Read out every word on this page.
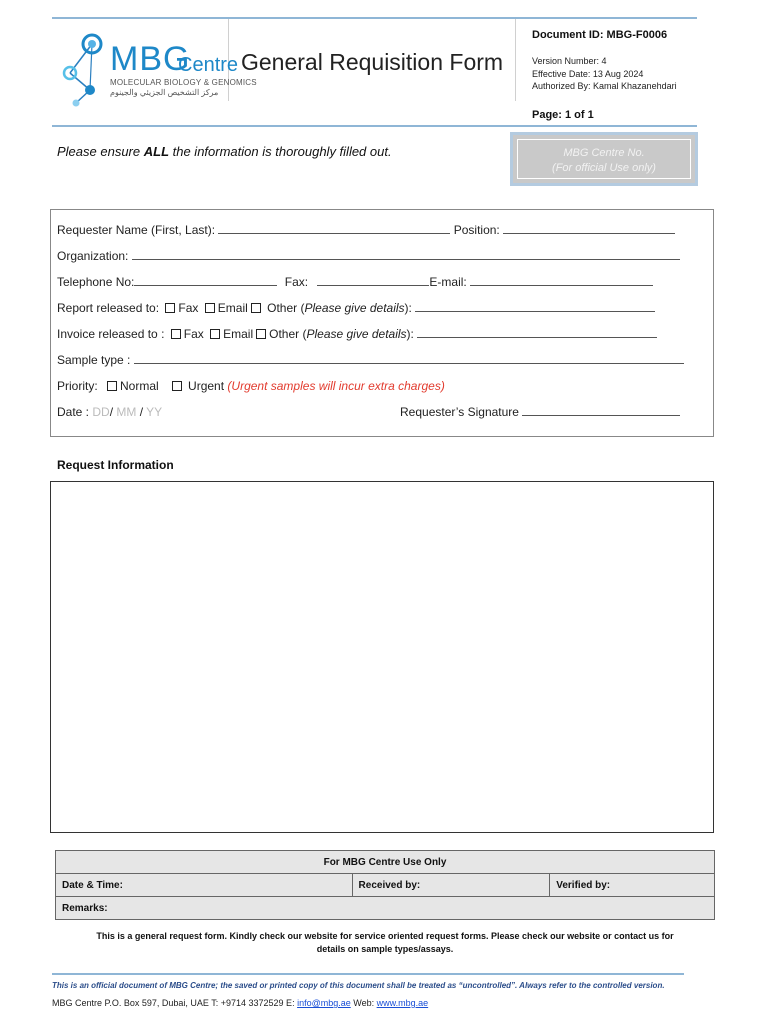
MBG
Centre
MOLECULAR BIOLOGY & GENOMICS
مركز التشخيص الجزيئي والجينوم
General Requisition Form
Document ID: MBG-F0006
Version Number: 4
Effective Date: 13 Aug 2024
Authorized By: Kamal Khazanehdari
Page: 1 of 1
Please ensure ALL the information is thoroughly filled out.	MBG Centre No.
(For official Use only)
Requester Name (First, Last):	Position:
Organization:
Telephone No:	Fax:	E-mail:
Report released to: Fax Email Other (Please give details):
Invoice released to : Fax Email Other (Please give details):
Sample type :
Priority: Normal Urgent (Urgent samples will incur extra charges)
Date : DD/ MM / YY	Requester’s Signature
Request Information
For MBG Centre Use Only
Date & Time:	Received by:	Verified by:
Remarks:
This is a general request form. Kindly check our website for service oriented request forms. Please check our website or contact us for details on sample types/assays.
This is an official document of MBG Centre; the saved or printed copy of this document shall be treated as “uncontrolled”. Always refer to the controlled version.
MBG Centre P.O. Box 597, Dubai, UAE T: +9714 3372529 E: info@mbg.ae Web: www.mbg.ae
